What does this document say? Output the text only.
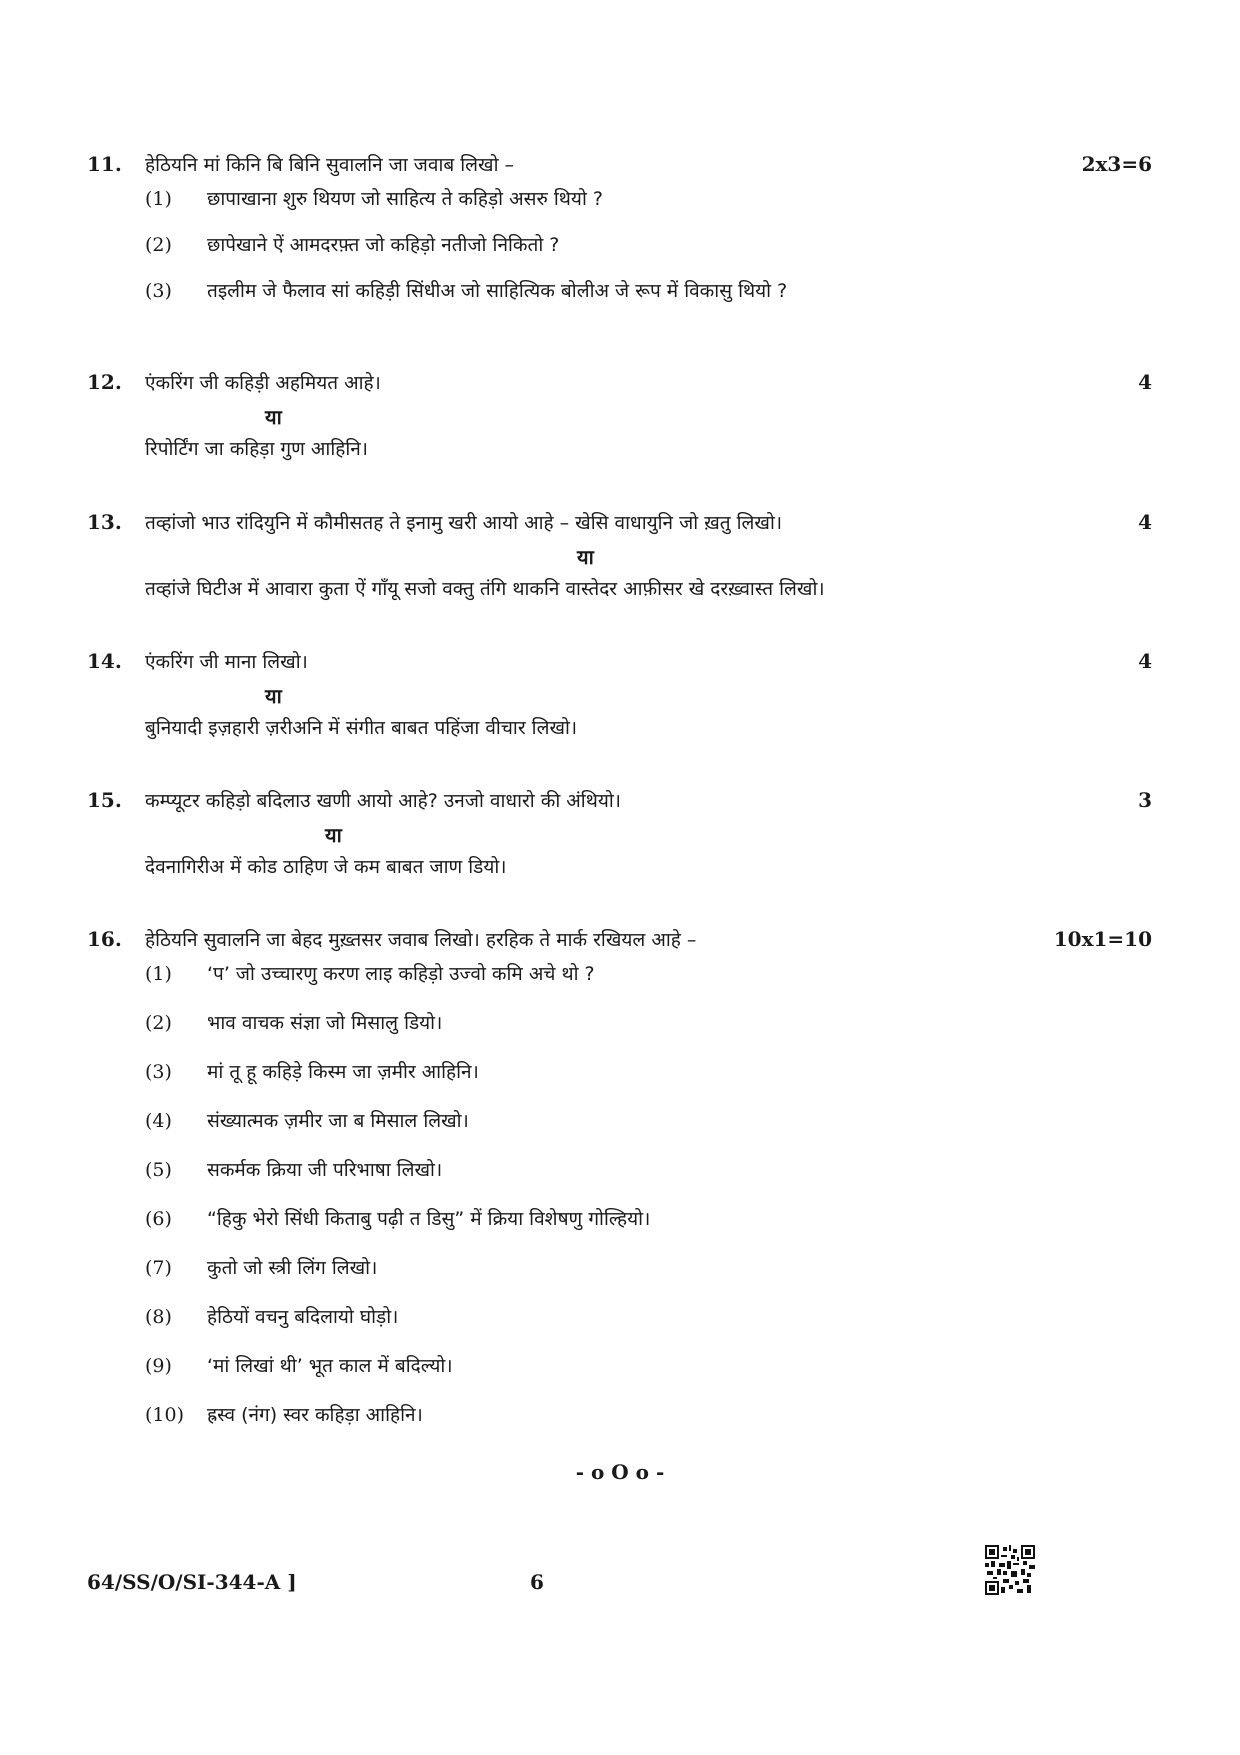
11. हेठियनि मां किनि बि बिनि सुवालनि जा जवाब लिखो –	2x3=6
(1) छापाखाना शुरु थियण जो साहित्य ते कहिड़ो असरु थियो ?
(2) छापेखाने ऐं आमदरफ़्त जो कहिड़ो नतीजो निकितो ?
(3) तइलीम जे फैलाव सां कहिड़ी सिंधीअ जो साहित्यिक बोलीअ जे रूप में विकासु थियो ?
12. एंकरिंग जी कहिड़ी अहमियत आहे।	4
या
रिपोर्टिंग जा कहिड़ा गुण आहिनि।
13. तव्हांजो भाउ रांदियुनि में कौमीसतह ते इनामु खरी आयो आहे – खेसि वाधायुनि जो ख़तु लिखो।	4
या
तव्हांजे घिटीअ में आवारा कुता ऐं गाँयू सजो वक्तु तंगि थाकनि वास्तेदर आफ़ीसर खे दरख़्वास्त लिखो।
14. एंकरिंग जी माना लिखो।	4
या
बुनियादी इज़हारी ज़रीअनि में संगीत बाबत पहिंजा वीचार लिखो।
15. कम्प्यूटर कहिड़ो बदिलाउ खणी आयो आहे? उनजो वाधारो की अंथियो।	3
या
देवनागिरीअ में कोड ठाहिण जे कम बाबत जाण डियो।
16. हेठियनि सुवालनि जा बेहद मुख़्तसर जवाब लिखो। हरहिक ते मार्क रखियल आहे –	10x1=10
(1) ‘प’ जो उच्चारणु करण लाइ कहिड़ो उज्वो कमि अचे थो ?
(2) भाव वाचक संज्ञा जो मिसालु डियो।
(3) मां तू हू कहिड़े किस्म जा ज़मीर आहिनि।
(4) संख्यात्मक ज़मीर जा ब मिसाल लिखो।
(5) सकर्मक क्रिया जी परिभाषा लिखो।
(6) “हिकु भेरो सिंधी किताबु पढ़ी त डिसु” में क्रिया विशेषणु गोल्हियो।
(7) कुतो जो स्त्री लिंग लिखो।
(8) हेठियों वचनु बदिलायो घोड़ो।
(9) ‘मां लिखां थी’ भूत काल में बदिल्यो।
(10) ह्रस्व (नंग) स्वर कहिड़ा आहिनि।
- o O o -
64/SS/O/SI-344-A ]	6
